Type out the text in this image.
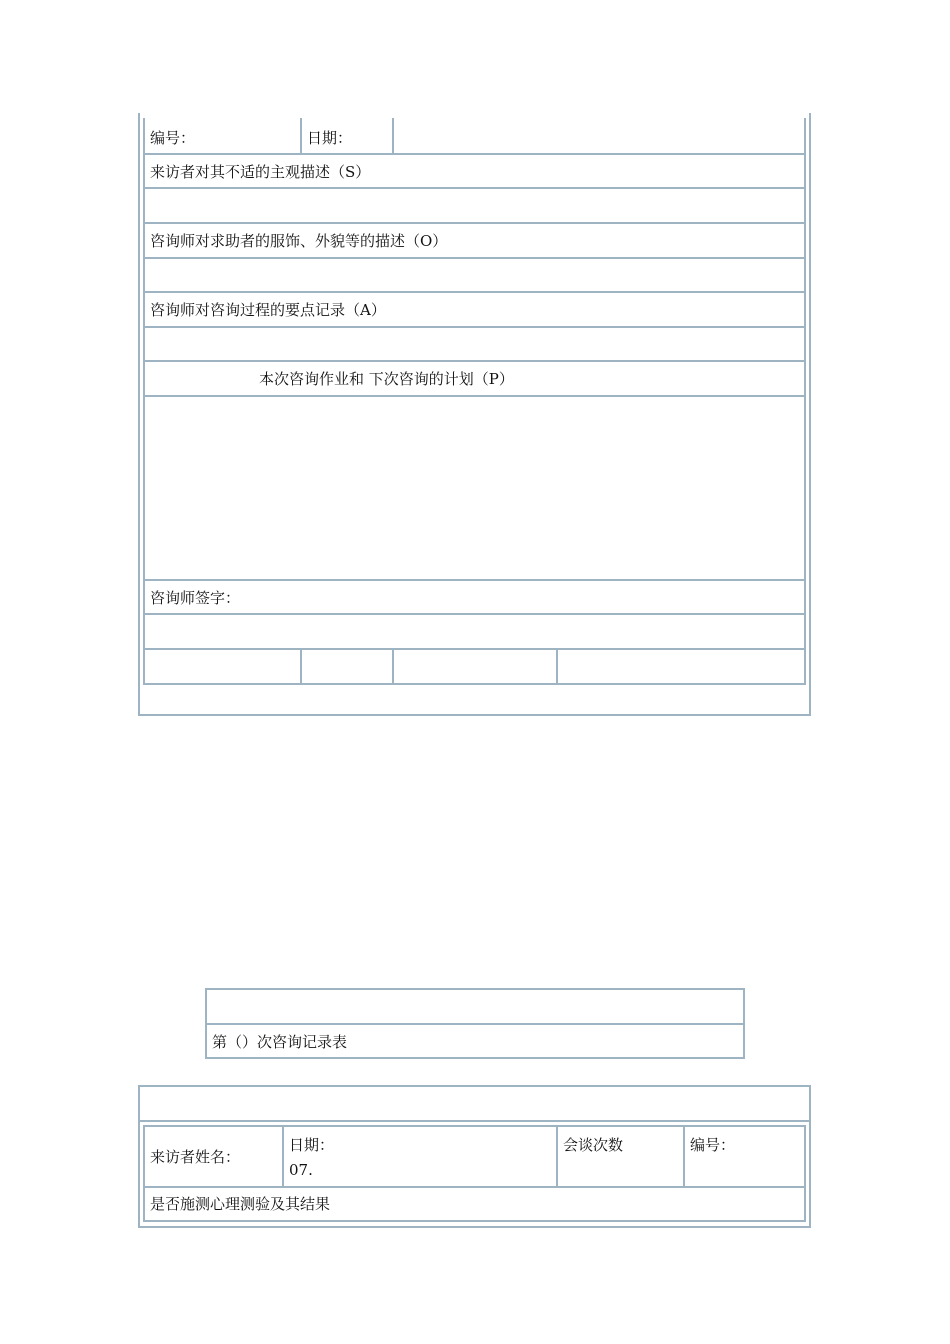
编号：	日期：
来访者对其不适的主观描述（S）
咨询师对求助者的服饰、外貌等的描述（O）
咨询师对咨询过程的要点记录（A）
本次咨询作业和 下次咨询的计划（P）
咨询师签字：
第（）次咨询记录表
来访者姓名：
日期：
07.
会谈次数	编号：
是否施测心理测验及其结果
